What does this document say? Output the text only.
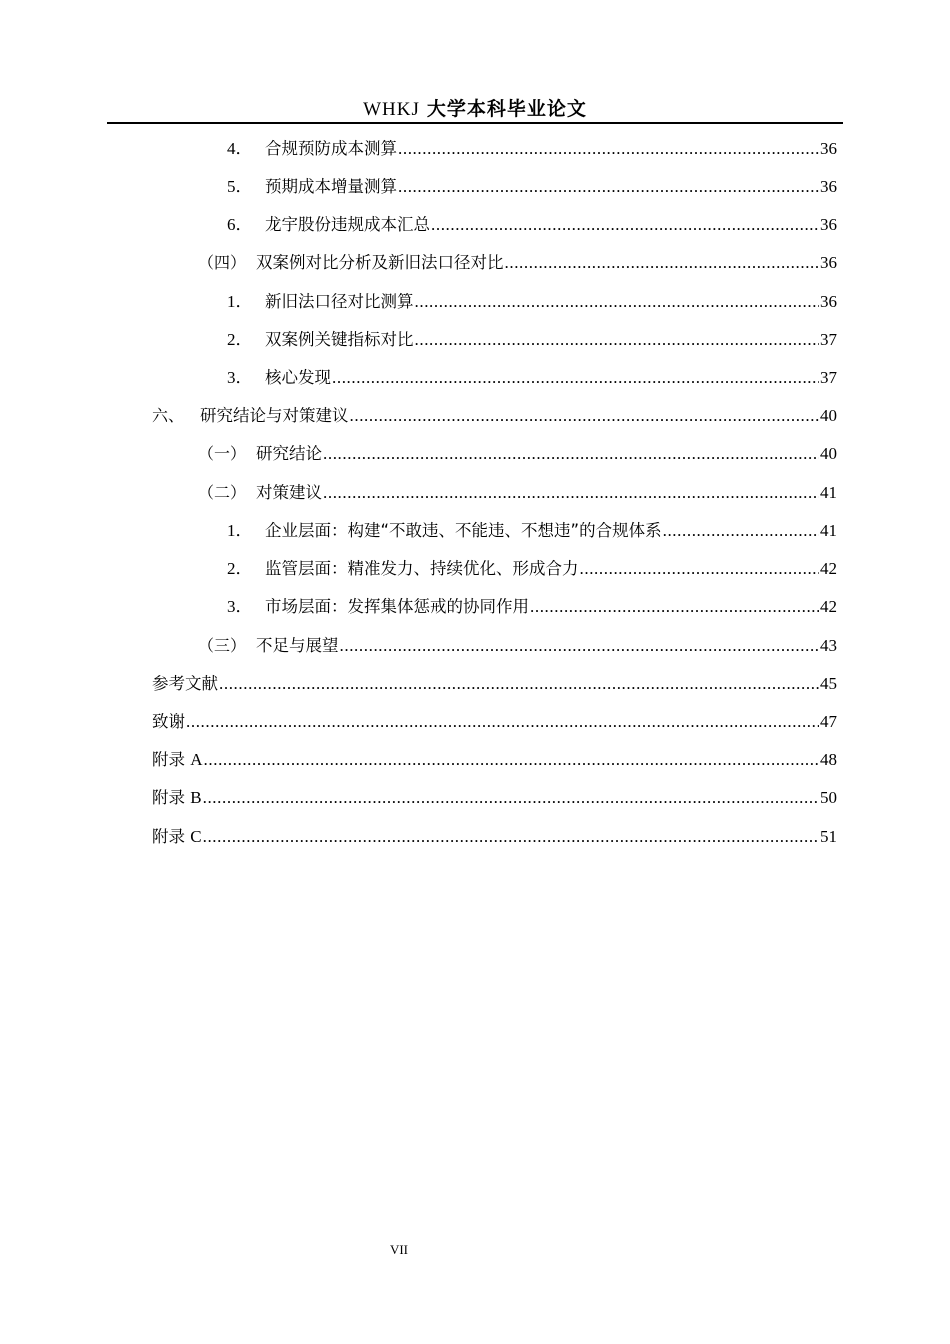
WHKJ 大学本科毕业论文
4． 合规预防成本测算 .....	36
5． 预期成本增量测算 .....	36
6． 龙宇股份违规成本汇总 .....	36
（四） 双案例对比分析及新旧法口径对比 .....	36
1． 新旧法口径对比测算 .....	36
2． 双案例关键指标对比 .....	37
3． 核心发现 .....	37
六、 研究结论与对策建议 .....	40
（一） 研究结论 .....	40
（二） 对策建议 .....	41
1． 企业层面：构建“不敢违、不能违、不想违”的合规体系 .....	41
2． 监管层面：精准发力、持续优化、形成合力 .....	42
3． 市场层面：发挥集体惩戒的协同作用 .....	42
（三） 不足与展望 .....	43
参考文献 .....	45
致谢 .....	47
附录 A .....	48
附录 B .....	50
附录 C .....	51
VII
